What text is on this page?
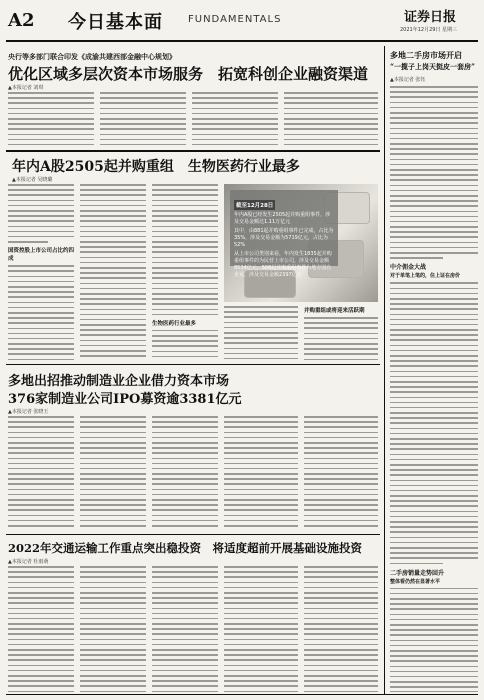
A2 今日基本面	FUNDAMENTALS	证券日报
2021年12月29日 星期三
央行等多部门联合印发《成渝共建西部金融中心规划》
优化区域多层次资本市场服务　拓宽科创企业融资渠道
▲本报记者 刘琪
年内A股2505起并购重组　生物医药行业最多
▲本报记者 吴晓璐
国资控股上市公司占比约四成
生物医药行业最多
截至12月28日
年内A股已经发生2505起并购重组事件，涉及交易金额达1.11万亿元
其中，由881起并购重组事件已完成，占比为35%，涉及交易金额为5719亿元，占比为52%
从上市公司类别来看，年内发生1835起并购重组事件的为民营上市公司，涉及交易金额8534亿元，508起并购重组事件为地方国有企业，涉及交易金额2397亿元
并购重组或将迎来活跃期
多地出招推动制造业企业借力资本市场
376家制造业公司IPO募资逾3381亿元
▲本报记者 张晓玉
2022年交通运输工作重点突出稳投资　将适度超前开展基础设施投资
▲本报记者 杜雨萌
多地二手房市场开启
“一揽子上岗天挺皮一套房”
▲本报记者 张钰
中介佣金大战
对于单笔上笔的，住上证在房价
二手房销量走势回升
整体看仍然在显著水平
